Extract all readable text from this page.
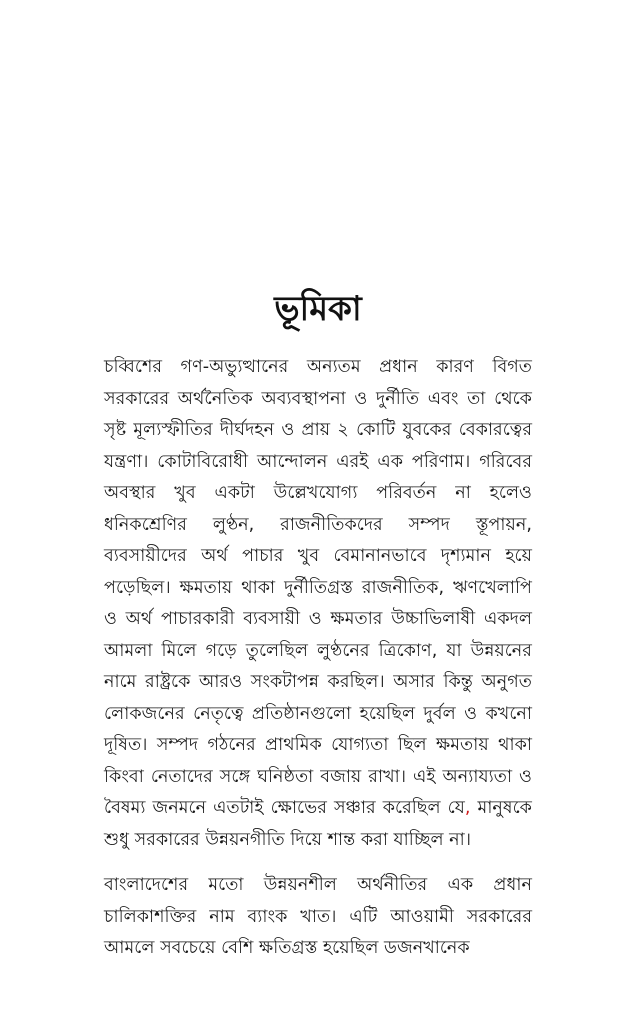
ভূমিকা

চব্বিশের গণ-অভ্যুত্থানের অন্যতম প্রধান কারণ বিগত সরকারের অর্থনৈতিক অব্যবস্থাপনা ও দুর্নীতি এবং তা থেকে সৃষ্ট মূল্যস্ফীতির দীর্ঘদহন ও প্রায় ২ কোটি যুবকের বেকারত্বের যন্ত্রণা। কোটাবিরোধী আন্দোলন এরই এক পরিণাম। গরিবের অবস্থার খুব একটা উল্লেখযোগ্য পরিবর্তন না হলেও ধনিকশ্রেণির লুণ্ঠন, রাজনীতিকদের সম্পদ স্তূপায়ন, ব্যবসায়ীদের অর্থ পাচার খুব বেমানানভাবে দৃশ্যমান হয়ে পড়েছিল। ক্ষমতায় থাকা দুর্নীতিগ্রস্ত রাজনীতিক, ঋণখেলাপি ও অর্থ পাচারকারী ব্যবসায়ী ও ক্ষমতার উচ্চাভিলাষী একদল আমলা মিলে গড়ে তুলেছিল লুণ্ঠনের ত্রিকোণ, যা উন্নয়নের নামে রাষ্ট্রকে আরও সংকটাপন্ন করছিল। অসার কিন্তু অনুগত লোকজনের নেতৃত্বে প্রতিষ্ঠানগুলো হয়েছিল দুর্বল ও কখনো দূষিত। সম্পদ গঠনের প্রাথমিক যোগ্যতা ছিল ক্ষমতায় থাকা কিংবা নেতাদের সঙ্গে ঘনিষ্ঠতা বজায় রাখা। এই অন্যায্যতা ও বৈষম্য জনমনে এতটাই ক্ষোভের সঞ্চার করেছিল যে, মানুষকে শুধু সরকারের উন্নয়নগীতি দিয়ে শান্ত করা যাচ্ছিল না।

বাংলাদেশের মতো উন্নয়নশীল অর্থনীতির এক প্রধান চালিকাশক্তির নাম ব্যাংক খাত। এটি আওয়ামী সরকারের আমলে সবচেয়ে বেশি ক্ষতিগ্রস্ত হয়েছিল ডজনখানেক
